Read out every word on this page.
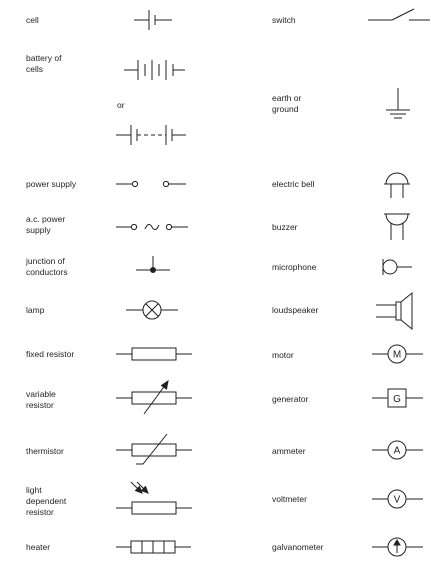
cell
battery of
cells
or
power supply
a.c. power
supply
junction of
conductors
lamp
fixed resistor
variable
resistor
thermistor
light
dependent
resistor
heater
switch
earth or
ground
electric bell
buzzer
microphone
loudspeaker
motor
generator
ammeter
voltmeter
galvanometer
M
G
A
V
